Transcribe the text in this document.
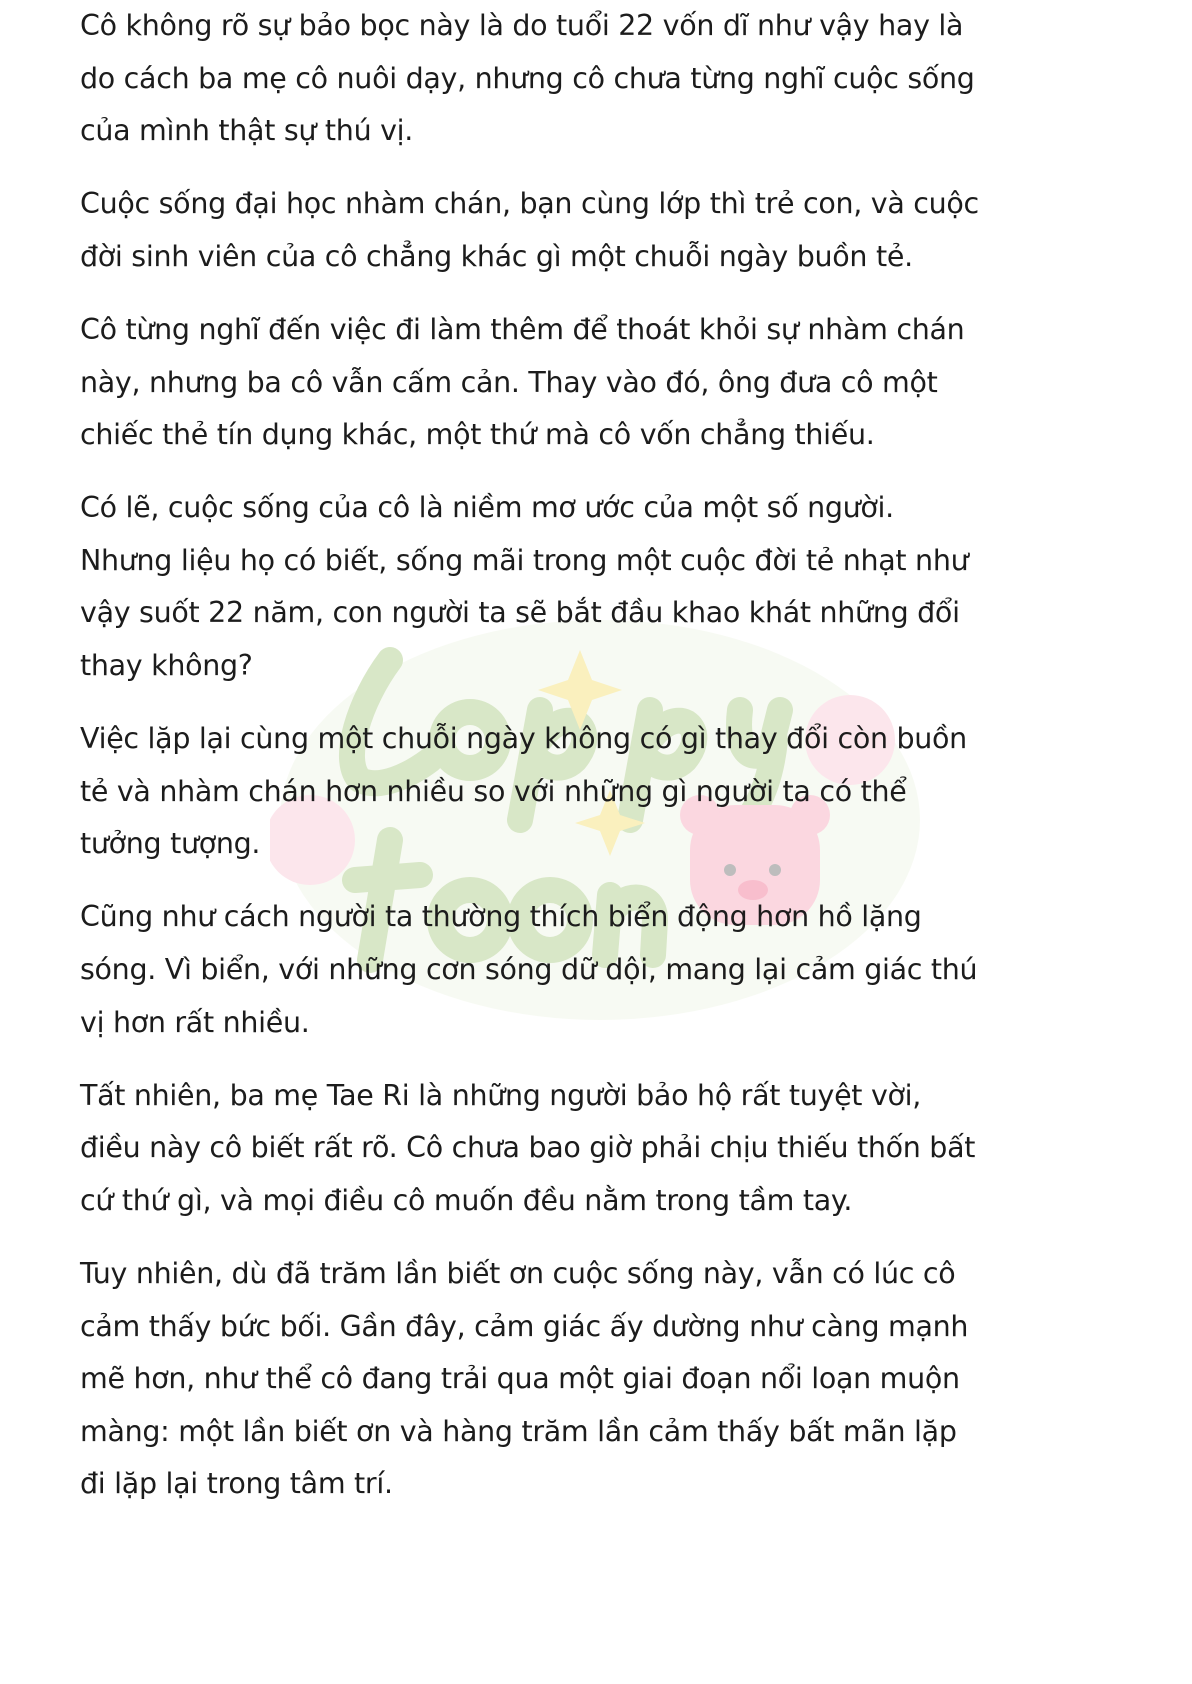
Cô không rõ sự bảo bọc này là do tuổi 22 vốn dĩ như vậy hay là
do cách ba mẹ cô nuôi dạy, nhưng cô chưa từng nghĩ cuộc sống
của mình thật sự thú vị.

Cuộc sống đại học nhàm chán, bạn cùng lớp thì trẻ con, và cuộc
đời sinh viên của cô chẳng khác gì một chuỗi ngày buồn tẻ.

Cô từng nghĩ đến việc đi làm thêm để thoát khỏi sự nhàm chán
này, nhưng ba cô vẫn cấm cản. Thay vào đó, ông đưa cô một
chiếc thẻ tín dụng khác, một thứ mà cô vốn chẳng thiếu.

Có lẽ, cuộc sống của cô là niềm mơ ước của một số người.
Nhưng liệu họ có biết, sống mãi trong một cuộc đời tẻ nhạt như
vậy suốt 22 năm, con người ta sẽ bắt đầu khao khát những đổi
thay không?

Việc lặp lại cùng một chuỗi ngày không có gì thay đổi còn buồn
tẻ và nhàm chán hơn nhiều so với những gì người ta có thể
tưởng tượng.

Cũng như cách người ta thường thích biển động hơn hồ lặng
sóng. Vì biển, với những cơn sóng dữ dội, mang lại cảm giác thú
vị hơn rất nhiều.

Tất nhiên, ba mẹ Tae Ri là những người bảo hộ rất tuyệt vời,
điều này cô biết rất rõ. Cô chưa bao giờ phải chịu thiếu thốn bất
cứ thứ gì, và mọi điều cô muốn đều nằm trong tầm tay.

Tuy nhiên, dù đã trăm lần biết ơn cuộc sống này, vẫn có lúc cô
cảm thấy bức bối. Gần đây, cảm giác ấy dường như càng mạnh
mẽ hơn, như thể cô đang trải qua một giai đoạn nổi loạn muộn
màng: một lần biết ơn và hàng trăm lần cảm thấy bất mãn lặp
đi lặp lại trong tâm trí.
